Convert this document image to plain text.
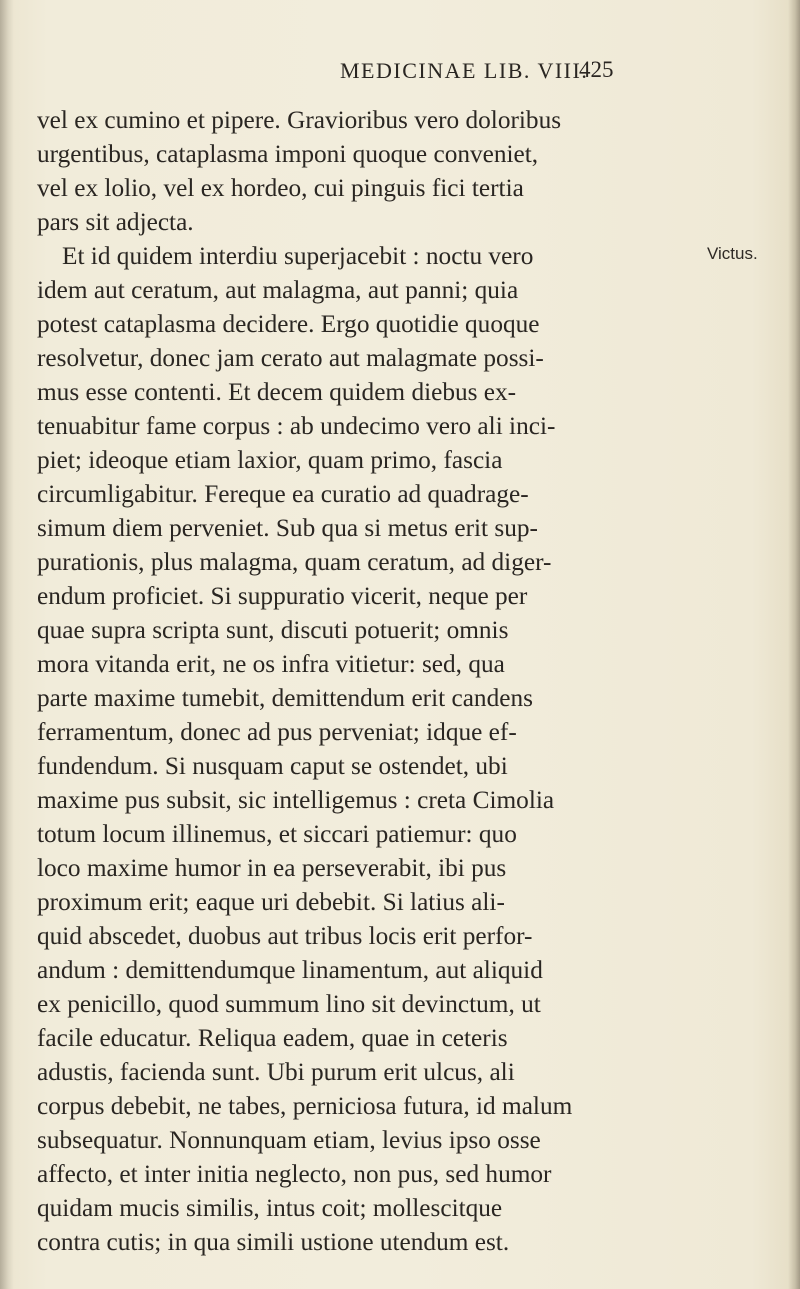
MEDICINAE LIB. VIII.
425
Victus.
vel ex cumino et pipere. Gravioribus vero doloribus
urgentibus, cataplasma imponi quoque conveniet,
vel ex lolio, vel ex hordeo, cui pinguis fici tertia
pars sit adjecta.
Et id quidem interdiu superjacebit : noctu vero
idem aut ceratum, aut malagma, aut panni; quia
potest cataplasma decidere. Ergo quotidie quoque
resolvetur, donec jam cerato aut malagmate possi-
mus esse contenti. Et decem quidem diebus ex-
tenuabitur fame corpus : ab undecimo vero ali inci-
piet; ideoque etiam laxior, quam primo, fascia
circumligabitur. Fereque ea curatio ad quadrage-
simum diem perveniet. Sub qua si metus erit sup-
purationis, plus malagma, quam ceratum, ad diger-
endum proficiet. Si suppuratio vicerit, neque per
quae supra scripta sunt, discuti potuerit; omnis
mora vitanda erit, ne os infra vitietur: sed, qua
parte maxime tumebit, demittendum erit candens
ferramentum, donec ad pus perveniat; idque ef-
fundendum. Si nusquam caput se ostendet, ubi
maxime pus subsit, sic intelligemus : creta Cimolia
totum locum illinemus, et siccari patiemur: quo
loco maxime humor in ea perseverabit, ibi pus
proximum erit; eaque uri debebit. Si latius ali-
quid abscedet, duobus aut tribus locis erit perfor-
andum : demittendumque linamentum, aut aliquid
ex penicillo, quod summum lino sit devinctum, ut
facile educatur. Reliqua eadem, quae in ceteris
adustis, facienda sunt. Ubi purum erit ulcus, ali
corpus debebit, ne tabes, perniciosa futura, id malum
subsequatur. Nonnunquam etiam, levius ipso osse
affecto, et inter initia neglecto, non pus, sed humor
quidam mucis similis, intus coit; mollescitque
contra cutis; in qua simili ustione utendum est.
